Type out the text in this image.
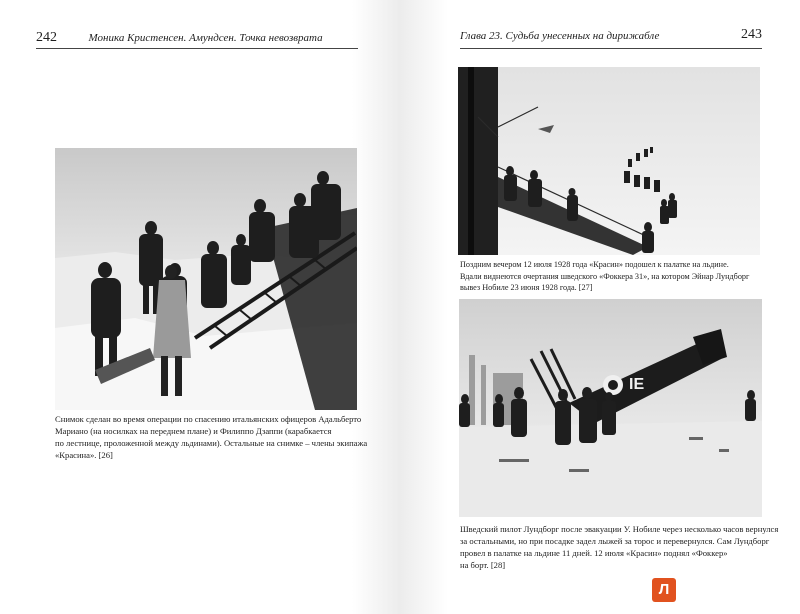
242	Моника Кристенсен. Амундсен. Точка невозврата
Снимок сделан во время операции по спасению итальянских офицеров Адальберто
Мариано (на носилках на переднем плане) и Филиппо Дзаппи (карабкается
по лестнице, проложенной между льдинами). Остальные на снимке – члены экипажа
«Красина». [26]
Глава 23. Судьба унесенных на дирижабле	243
Поздним вечером 12 июля 1928 года «Красин» подошел к палатке на льдине.
Вдали виднеются очертания шведского «Фоккера 31», на котором Эйнар Лундборг
вывез Нобиле 23 июня 1928 года. [27]
IE
Шведский пилот Лундборг после эвакуации У. Нобиле через несколько часов вернулся
за остальными, но при посадке задел лыжей за торос и перевернулся. Сам Лундборг
провел в палатке на льдине 11 дней. 12 июля «Красин» поднял «Фоккер»
на борт. [28]
Л
